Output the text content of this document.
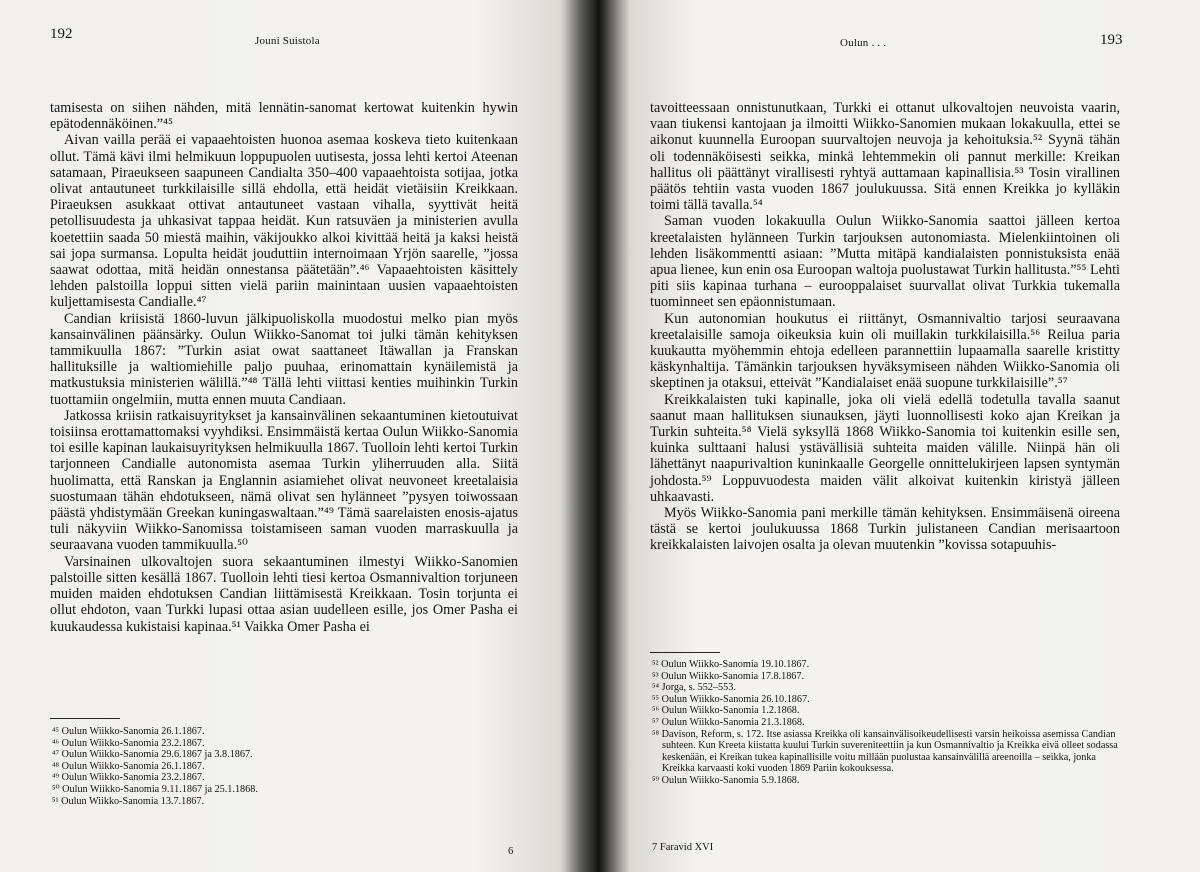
192	Jouni Suistola

tamisesta on siihen nähden, mitä lennätin-sanomat kertowat kuitenkin hywin epätodennäköinen.”⁴⁵

Aivan vailla perää ei vapaaehtoisten huonoa asemaa koskeva tieto kuitenkaan ollut. Tämä kävi ilmi helmikuun loppupuolen uutisesta, jossa lehti kertoi Ateenan satamaan, Piraeukseen saapuneen Candialta 350–400 vapaaehtoista sotijaa, jotka olivat antautuneet turkkilaisille sillä ehdolla, että heidät vietäisiin Kreikkaan. Piraeuksen asukkaat ottivat antautuneet vastaan vihalla, syyttivät heitä petollisuudesta ja uhkasivat tappaa heidät. Kun ratsuväen ja ministerien avulla koetettiin saada 50 miestä maihin, väkijoukko alkoi kivittää heitä ja kaksi heistä sai jopa surmansa. Lopulta heidät jouduttiin internoimaan Yrjön saarelle, ”jossa saawat odottaa, mitä heidän onnestansa päätetään”.⁴⁶ Vapaaehtoisten käsittely lehden palstoilla loppui sitten vielä pariin mainintaan uusien vapaaehtoisten kuljettamisesta Candialle.⁴⁷

Candian kriisistä 1860-luvun jälkipuoliskolla muodostui melko pian myös kansainvälinen päänsärky. Oulun Wiikko-Sanomat toi julki tämän kehityksen tammikuulla 1867: ”Turkin asiat owat saattaneet Itäwallan ja Franskan hallituksille ja waltiomiehille paljo puuhaa, erinomattain kynäilemistä ja matkustuksia ministerien wälillä.”⁴⁸ Tällä lehti viittasi kenties muihinkin Turkin tuottamiin ongelmiin, mutta ennen muuta Candiaan.

Jatkossa kriisin ratkaisuyritykset ja kansainvälinen sekaantuminen kietoutuivat toisiinsa erottamattomaksi vyyhdiksi. Ensimmäistä kertaa Oulun Wiikko-Sanomia toi esille kapinan laukaisuyrityksen helmikuulla 1867. Tuolloin lehti kertoi Turkin tarjonneen Candialle autonomista asemaa Turkin yliherruuden alla. Siitä huolimatta, että Ranskan ja Englannin asiamiehet olivat neuvoneet kreetalaisia suostumaan tähän ehdotukseen, nämä olivat sen hylänneet ”pysyen toiwossaan päästä yhdistymään Greekan kuningaswaltaan.”⁴⁹ Tämä saarelaisten enosis-ajatus tuli näkyviin Wiikko-Sanomissa toistamiseen saman vuoden marraskuulla ja seuraavana vuoden tammikuulla.⁵⁰

Varsinainen ulkovaltojen suora sekaantuminen ilmestyi Wiikko-Sanomien palstoille sitten kesällä 1867. Tuolloin lehti tiesi kertoa Osmannivaltion torjuneen muiden maiden ehdotuksen Candian liittämisestä Kreikkaan. Tosin torjunta ei ollut ehdoton, vaan Turkki lupasi ottaa asian uudelleen esille, jos Omer Pasha ei kuukaudessa kukistaisi kapinaa.⁵¹ Vaikka Omer Pasha ei

⁴⁵ Oulun Wiikko-Sanomia 26.1.1867.

⁴⁶ Oulun Wiikko-Sanomia 23.2.1867.

⁴⁷ Oulun Wiikko-Sanomia 29.6.1867 ja 3.8.1867.

⁴⁸ Oulun Wiikko-Sanomia 26.1.1867.

⁴⁹ Oulun Wiikko-Sanomia 23.2.1867.

⁵⁰ Oulun Wiikko-Sanomia 9.11.1867 ja 25.1.1868.

⁵¹ Oulun Wiikko-Sanomia 13.7.1867.

6
Oulun . . .	193

tavoitteessaan onnistunutkaan, Turkki ei ottanut ulkovaltojen neuvoista vaarin, vaan tiukensi kantojaan ja ilmoitti Wiikko-Sanomien mukaan lokakuulla, ettei se aikonut kuunnella Euroopan suurvaltojen neuvoja ja kehoituksia.⁵² Syynä tähän oli todennäköisesti seikka, minkä lehtemmekin oli pannut merkille: Kreikan hallitus oli päättänyt virallisesti ryhtyä auttamaan kapinallisia.⁵³ Tosin virallinen päätös tehtiin vasta vuoden 1867 joulukuussa. Sitä ennen Kreikka jo kylläkin toimi tällä tavalla.⁵⁴

Saman vuoden lokakuulla Oulun Wiikko-Sanomia saattoi jälleen kertoa kreetalaisten hylänneen Turkin tarjouksen autonomiasta. Mielenkiintoinen oli lehden lisäkommentti asiaan: ”Mutta mitäpä kandialaisten ponnistuksista enää apua lienee, kun enin osa Euroopan waltoja puolustawat Turkin hallitusta.”⁵⁵ Lehti piti siis kapinaa turhana – eurooppalaiset suurvallat olivat Turkkia tukemalla tuominneet sen epäonnistumaan.

Kun autonomian houkutus ei riittänyt, Osmannivaltio tarjosi seuraavana kreetalaisille samoja oikeuksia kuin oli muillakin turkkilaisilla.⁵⁶ Reilua paria kuukautta myöhemmin ehtoja edelleen parannettiin lupaamalla saarelle kristitty käskynhaltija. Tämänkin tarjouksen hyväksymiseen nähden Wiikko-Sanomia oli skeptinen ja otaksui, etteivät ”Kandialaiset enää suopune turkkilaisille”.⁵⁷

Kreikkalaisten tuki kapinalle, joka oli vielä edellä todetulla tavalla saanut saanut maan hallituksen siunauksen, jäyti luonnollisesti koko ajan Kreikan ja Turkin suhteita.⁵⁸ Vielä syksyllä 1868 Wiikko-Sanomia toi kuitenkin esille sen, kuinka sulttaani halusi ystävällisiä suhteita maiden välille. Niinpä hän oli lähettänyt naapurivaltion kuninkaalle Georgelle onnittelukirjeen lapsen syntymän johdosta.⁵⁹ Loppuvuodesta maiden välit alkoivat kuitenkin kiristyä jälleen uhkaavasti.

Myös Wiikko-Sanomia pani merkille tämän kehityksen. Ensimmäisenä oireena tästä se kertoi joulukuussa 1868 Turkin julistaneen Candian merisaartoon kreikkalaisten laivojen osalta ja olevan muutenkin ”kovissa sotapuuhis-

⁵² Oulun Wiikko-Sanomia 19.10.1867.

⁵³ Oulun Wiikko-Sanomia 17.8.1867.

⁵⁴ Jorga, s. 552–553.

⁵⁵ Oulun Wiikko-Sanomia 26.10.1867.

⁵⁶ Oulun Wiikko-Sanomia 1.2.1868.

⁵⁷ Oulun Wiikko-Sanomia 21.3.1868.

⁵⁸ Davison, Reform, s. 172. Itse asiassa Kreikka oli kansainvälisoikeudellisesti varsin heikoissa asemissa Candian suhteen. Kun Kreeta kiistatta kuului Turkin suvereniteettiin ja kun Osmannivaltio ja Kreikka eivä olleet sodassa keskenään, ei Kreikan tukea kapinallisille voitu millään puolustaa kansainvälillä areenoilla – seikka, jonka Kreikka karvaasti koki vuoden 1869 Pariin kokouksessa.

⁵⁹ Oulun Wiikko-Sanomia 5.9.1868.

7 Faravid XVI
